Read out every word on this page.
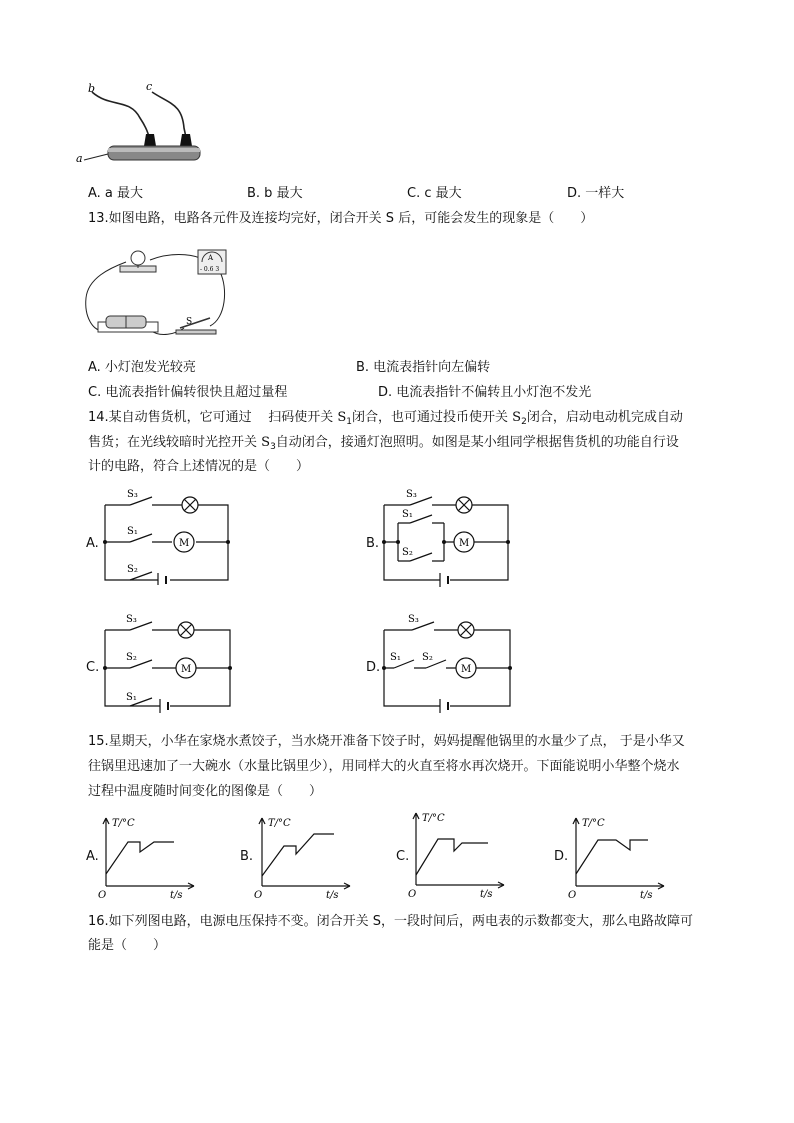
b	c
a
A. a 最大	B. b 最大	C. c 最大	D. 一样大
13.如图电路，电路各元件及连接均完好，闭合开关 S 后，可能会发生的现象是（　　）
A
- 0.6 3
S
A. 小灯泡发光较亮	B. 电流表指针向左偏转
C. 电流表指针偏转很快且超过量程	D. 电流表指针不偏转且小灯泡不发光
14.某自动售货机，它可通过 扫码使开关 $S_1$闭合，也可通过投币使开关 $S_2$闭合，启动电动机完成自动
售货；在光线较暗时光控开关 $S_3$自动闭合，接通灯泡照明。如图是某小组同学根据售货机的功能自行设
计的电路，符合上述情况的是（　　）
A.
S₃
S₁
S₂
M	B.
S₃
S₁
S₂
M
C.
S₃
S₂
S₁
M	D.
S₃
S₁ S₂
M
15.星期天，小华在家烧水煮饺子，当水烧开准备下饺子时，妈妈提醒他锅里的水量少了点， 于是小华又
往锅里迅速加了一大碗水（水量比锅里少），用同样大的火直至将水再次烧开。下面能说明小华整个烧水
过程中温度随时间变化的图像是（　　）
A.
T/°C
t/s
O
B.
T/°C
t/s
O
C.
T/°C
t/s
O
D.
T/°C
t/s
O
16.如下列图电路，电源电压保持不变。闭合开关 S，一段时间后，两电表的示数都变大，那么电路故障可
能是（　　）
